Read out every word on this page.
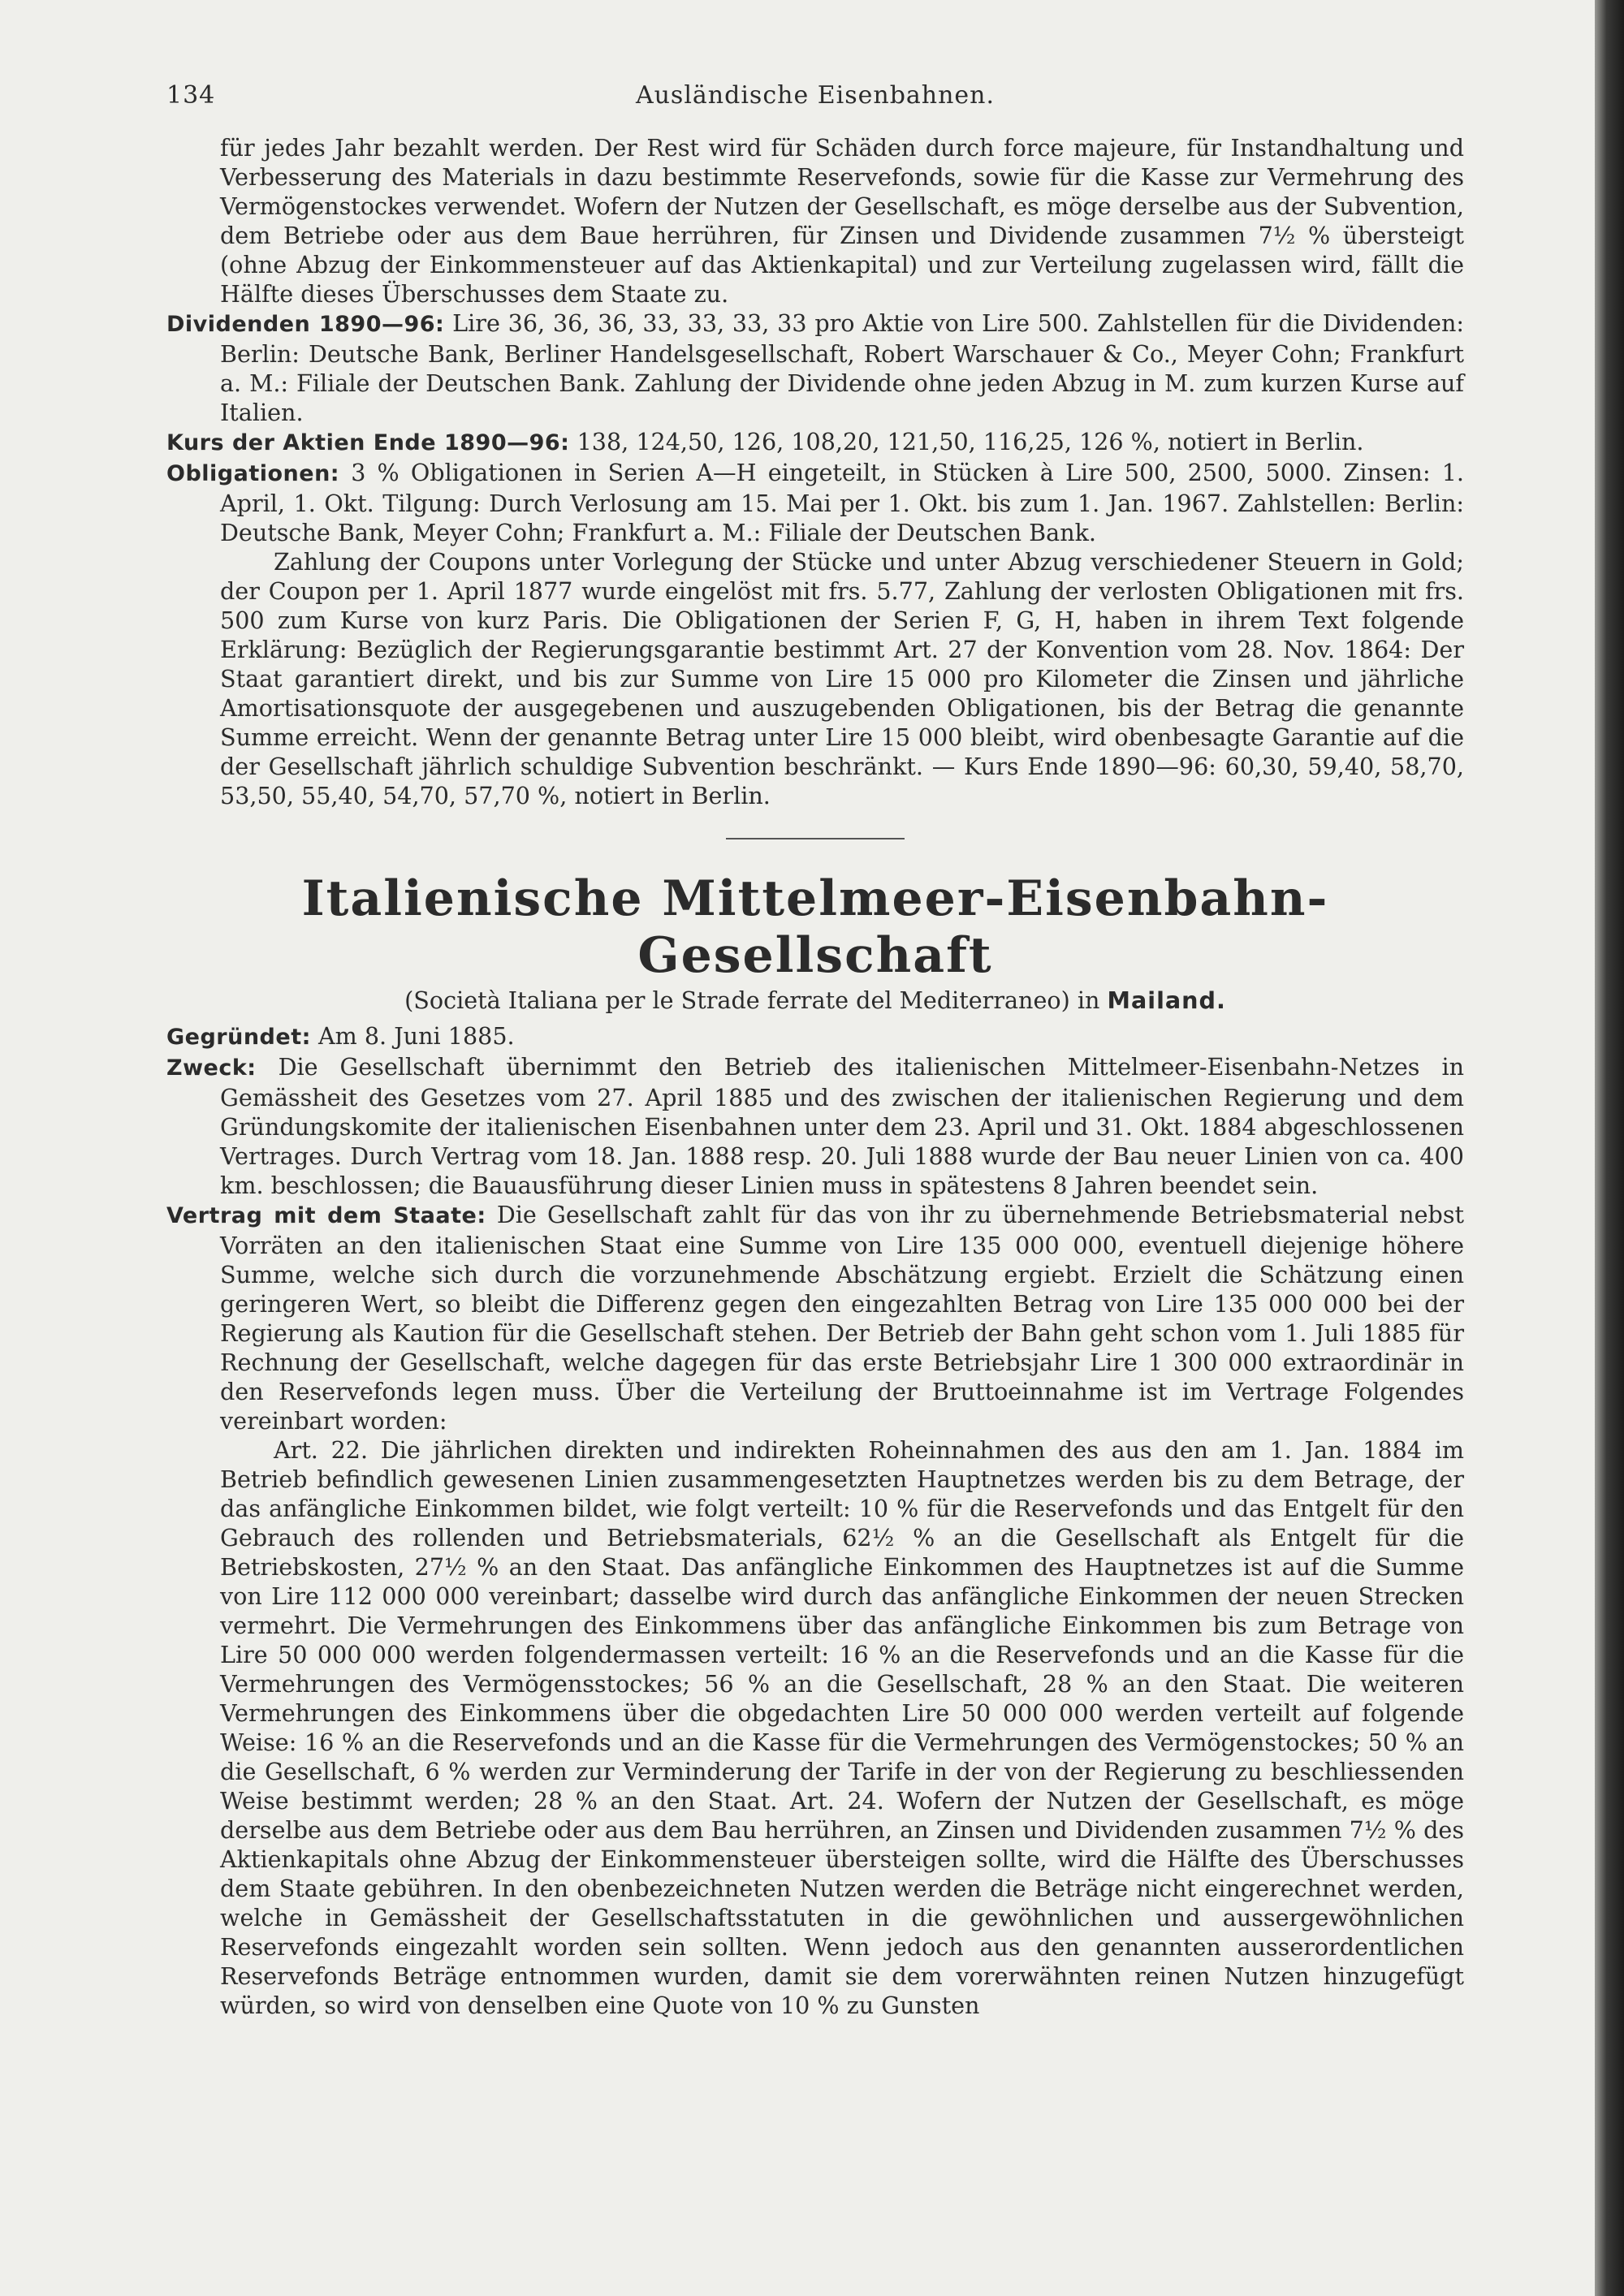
134	Ausländische Eisenbahnen.

für jedes Jahr bezahlt werden. Der Rest wird für Schäden durch force majeure, für Instandhaltung und Verbesserung des Materials in dazu bestimmte Reservefonds, sowie für die Kasse zur Vermehrung des Vermögenstockes verwendet. Wofern der Nutzen der Gesellschaft, es möge derselbe aus der Subvention, dem Betriebe oder aus dem Baue herrühren, für Zinsen und Dividende zusammen 7½ % übersteigt (ohne Abzug der Einkommensteuer auf das Aktienkapital) und zur Verteilung zugelassen wird, fällt die Hälfte dieses Überschusses dem Staate zu.

Dividenden 1890—96: Lire 36, 36, 36, 33, 33, 33, 33 pro Aktie von Lire 500. Zahlstellen für die Dividenden: Berlin: Deutsche Bank, Berliner Handelsgesellschaft, Robert Warschauer & Co., Meyer Cohn; Frankfurt a. M.: Filiale der Deutschen Bank. Zahlung der Dividende ohne jeden Abzug in M. zum kurzen Kurse auf Italien.

Kurs der Aktien Ende 1890—96: 138, 124,50, 126, 108,20, 121,50, 116,25, 126 %, notiert in Berlin.

Obligationen: 3 % Obligationen in Serien A—H eingeteilt, in Stücken à Lire 500, 2500, 5000. Zinsen: 1. April, 1. Okt. Tilgung: Durch Verlosung am 15. Mai per 1. Okt. bis zum 1. Jan. 1967. Zahlstellen: Berlin: Deutsche Bank, Meyer Cohn; Frankfurt a. M.: Filiale der Deutschen Bank.

Zahlung der Coupons unter Vorlegung der Stücke und unter Abzug verschiedener Steuern in Gold; der Coupon per 1. April 1877 wurde eingelöst mit frs. 5.77, Zahlung der verlosten Obligationen mit frs. 500 zum Kurse von kurz Paris. Die Obligationen der Serien F, G, H, haben in ihrem Text folgende Erklärung: Bezüglich der Regierungsgarantie bestimmt Art. 27 der Konvention vom 28. Nov. 1864: Der Staat garantiert direkt, und bis zur Summe von Lire 15 000 pro Kilometer die Zinsen und jährliche Amortisationsquote der ausgegebenen und auszugebenden Obligationen, bis der Betrag die genannte Summe erreicht. Wenn der genannte Betrag unter Lire 15 000 bleibt, wird obenbesagte Garantie auf die der Gesellschaft jährlich schuldige Subvention beschränkt. — Kurs Ende 1890—96: 60,30, 59,40, 58,70, 53,50, 55,40, 54,70, 57,70 %, notiert in Berlin.

Italienische Mittelmeer-Eisenbahn-Gesellschaft

(Società Italiana per le Strade ferrate del Mediterraneo) in Mailand.

Gegründet: Am 8. Juni 1885.

Zweck: Die Gesellschaft übernimmt den Betrieb des italienischen Mittelmeer-Eisenbahn-Netzes in Gemässheit des Gesetzes vom 27. April 1885 und des zwischen der italienischen Regierung und dem Gründungskomite der italienischen Eisenbahnen unter dem 23. April und 31. Okt. 1884 abgeschlossenen Vertrages. Durch Vertrag vom 18. Jan. 1888 resp. 20. Juli 1888 wurde der Bau neuer Linien von ca. 400 km. beschlossen; die Bauausführung dieser Linien muss in spätestens 8 Jahren beendet sein.

Vertrag mit dem Staate: Die Gesellschaft zahlt für das von ihr zu übernehmende Betriebsmaterial nebst Vorräten an den italienischen Staat eine Summe von Lire 135 000 000, eventuell diejenige höhere Summe, welche sich durch die vorzunehmende Abschätzung ergiebt. Erzielt die Schätzung einen geringeren Wert, so bleibt die Differenz gegen den eingezahlten Betrag von Lire 135 000 000 bei der Regierung als Kaution für die Gesellschaft stehen. Der Betrieb der Bahn geht schon vom 1. Juli 1885 für Rechnung der Gesellschaft, welche dagegen für das erste Betriebsjahr Lire 1 300 000 extraordinär in den Reservefonds legen muss. Über die Verteilung der Bruttoeinnahme ist im Vertrage Folgendes vereinbart worden:

Art. 22. Die jährlichen direkten und indirekten Roheinnahmen des aus den am 1. Jan. 1884 im Betrieb befindlich gewesenen Linien zusammengesetzten Hauptnetzes werden bis zu dem Betrage, der das anfängliche Einkommen bildet, wie folgt verteilt: 10 % für die Reservefonds und das Entgelt für den Gebrauch des rollenden und Betriebsmaterials, 62½ % an die Gesellschaft als Entgelt für die Betriebskosten, 27½ % an den Staat. Das anfängliche Einkommen des Hauptnetzes ist auf die Summe von Lire 112 000 000 vereinbart; dasselbe wird durch das anfängliche Einkommen der neuen Strecken vermehrt. Die Vermehrungen des Einkommens über das anfängliche Einkommen bis zum Betrage von Lire 50 000 000 werden folgendermassen verteilt: 16 % an die Reservefonds und an die Kasse für die Vermehrungen des Vermögensstockes; 56 % an die Gesellschaft, 28 % an den Staat. Die weiteren Vermehrungen des Einkommens über die obgedachten Lire 50 000 000 werden verteilt auf folgende Weise: 16 % an die Reservefonds und an die Kasse für die Vermehrungen des Vermögenstockes; 50 % an die Gesellschaft, 6 % werden zur Verminderung der Tarife in der von der Regierung zu beschliessenden Weise bestimmt werden; 28 % an den Staat. Art. 24. Wofern der Nutzen der Gesellschaft, es möge derselbe aus dem Betriebe oder aus dem Bau herrühren, an Zinsen und Dividenden zusammen 7½ % des Aktienkapitals ohne Abzug der Einkommensteuer übersteigen sollte, wird die Hälfte des Überschusses dem Staate gebühren. In den obenbezeichneten Nutzen werden die Beträge nicht eingerechnet werden, welche in Gemässheit der Gesellschaftsstatuten in die gewöhnlichen und aussergewöhnlichen Reservefonds eingezahlt worden sein sollten. Wenn jedoch aus den genannten ausserordentlichen Reservefonds Beträge entnommen wurden, damit sie dem vorerwähnten reinen Nutzen hinzugefügt würden, so wird von denselben eine Quote von 10 % zu Gunsten
